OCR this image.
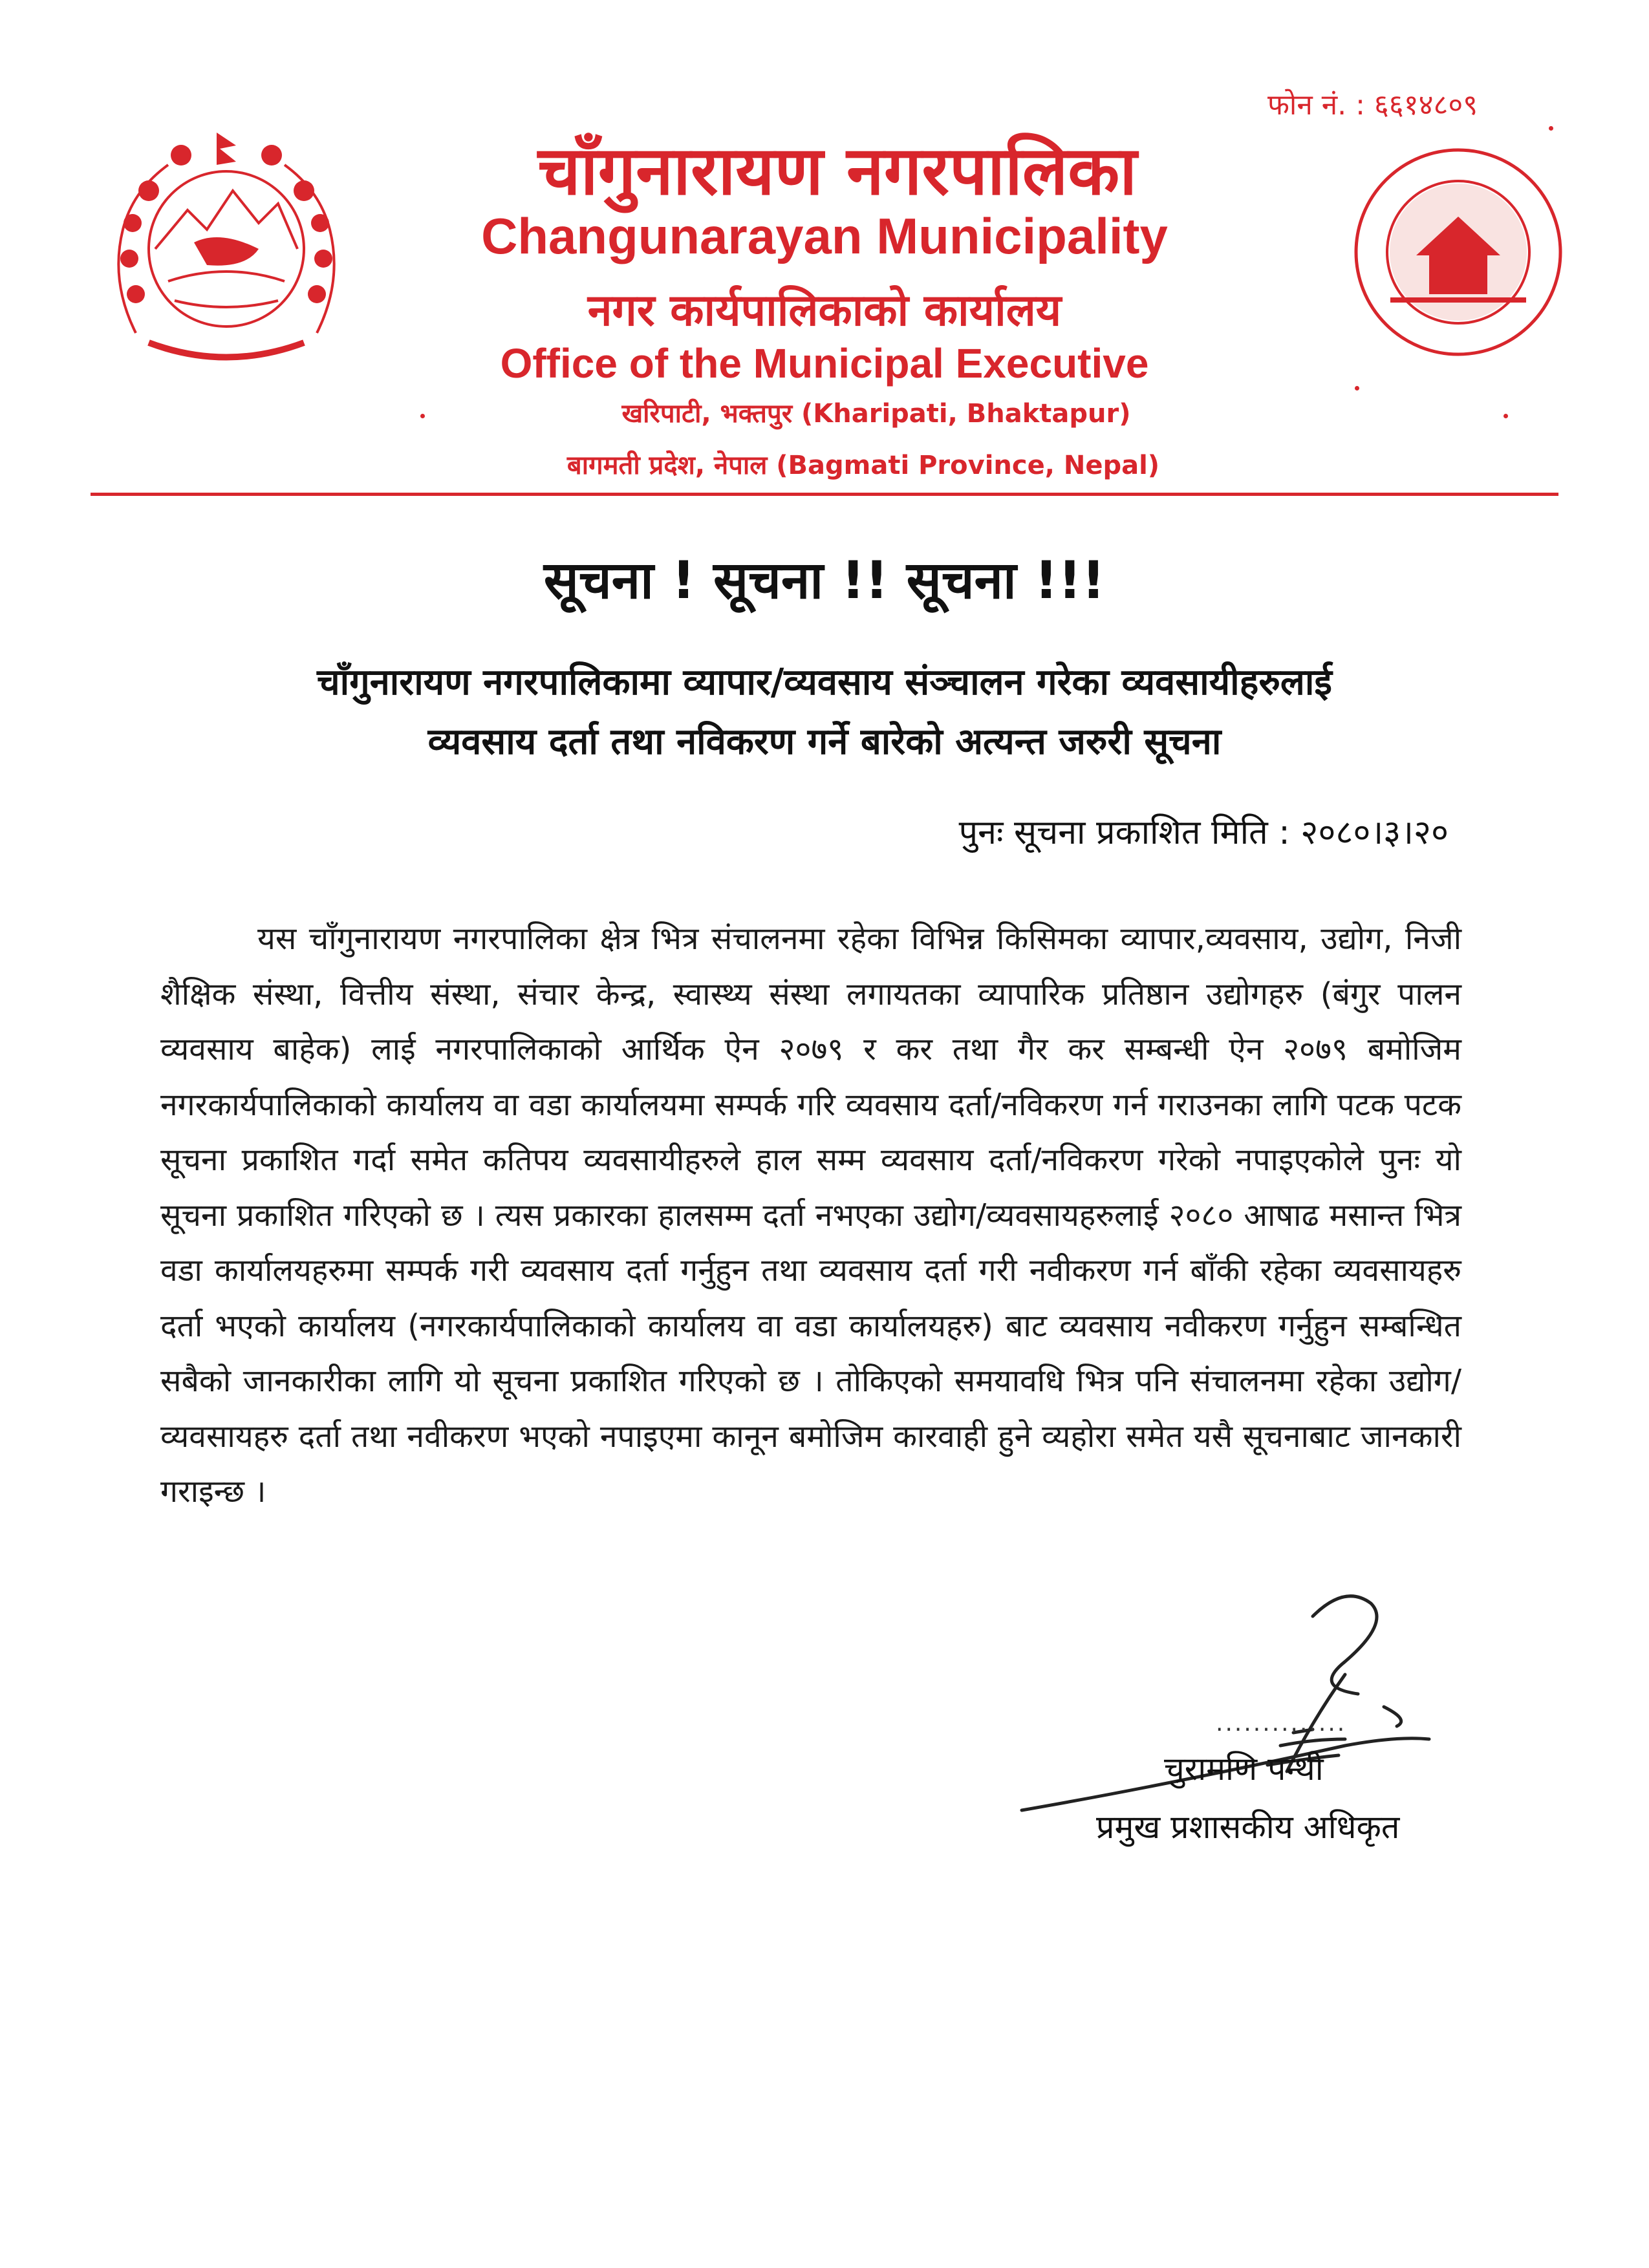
फोन नं. : ६६१४८०९
चाँगुनारायण नगरपालिका
Changunarayan Municipality
नगर कार्यपालिकाको कार्यालय
Office of the Municipal Executive
खरिपाटी, भक्तपुर (Kharipati, Bhaktapur)
बागमती प्रदेश, नेपाल (Bagmati Province, Nepal)
सूचना ! सूचना !! सूचना !!!
चाँगुनारायण नगरपालिकामा व्यापार/व्यवसाय संञ्चालन गरेका व्यवसायीहरुलाई
व्यवसाय दर्ता तथा नविकरण गर्ने बारेको अत्यन्त जरुरी सूचना
पुनः सूचना प्रकाशित मिति : २०८०।३।२०

यस चाँगुनारायण नगरपालिका क्षेत्र भित्र संचालनमा रहेका विभिन्न किसिमका व्यापार,व्यवसाय, उद्योग, निजी शैक्षिक संस्था, वित्तीय संस्था, संचार केन्द्र, स्वास्थ्य संस्था लगायतका व्यापारिक प्रतिष्ठान उद्योगहरु (बंगुर पालन व्यवसाय बाहेक) लाई नगरपालिकाको आर्थिक ऐन २०७९ र कर तथा गैर कर सम्बन्धी ऐन २०७९ बमोजिम नगरकार्यपालिकाको कार्यालय वा वडा कार्यालयमा सम्पर्क गरि व्यवसाय दर्ता/नविकरण गर्न गराउनका लागि पटक पटक सूचना प्रकाशित गर्दा समेत कतिपय व्यवसायीहरुले हाल सम्म व्यवसाय दर्ता/नविकरण गरेको नपाइएकोले पुनः यो सूचना प्रकाशित गरिएको छ । त्यस प्रकारका हालसम्म दर्ता नभएका उद्योग/व्यवसायहरुलाई २०८० आषाढ मसान्त भित्र वडा कार्यालयहरुमा सम्पर्क गरी व्यवसाय दर्ता गर्नुहुन तथा व्यवसाय दर्ता गरी नवीकरण गर्न बाँकी रहेका व्यवसायहरु दर्ता भएको कार्यालय (नगरकार्यपालिकाको कार्यालय वा वडा कार्यालयहरु) बाट व्यवसाय नवीकरण गर्नुहुन सम्बन्धित सबैको जानकारीका लागि यो सूचना प्रकाशित गरिएको छ । तोकिएको समयावधि भित्र पनि संचालनमा रहेका उद्योग/व्यवसायहरु दर्ता तथा नवीकरण भएको नपाइएमा कानून बमोजिम कारवाही हुने व्यहोरा समेत यसै सूचनाबाट जानकारी गराइन्छ ।

..............
चुरामणि पन्थी
प्रमुख प्रशासकीय अधिकृत
